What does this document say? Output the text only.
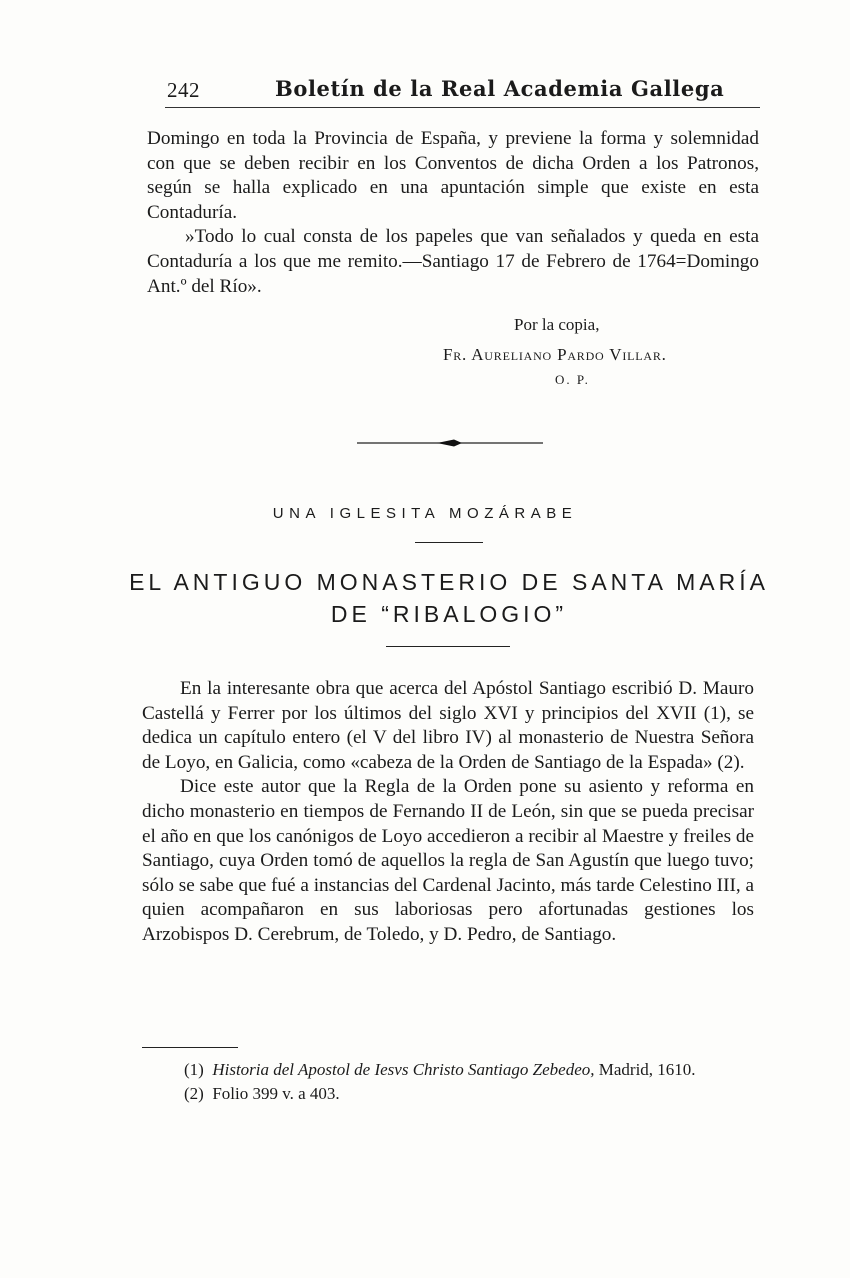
242	Boletín de la Real Academia Gallega

Domingo en toda la Provincia de España, y previene la forma y solemnidad con que se deben recibir en los Conventos de dicha Orden a los Patronos, según se halla explicado en una apuntación simple que existe en esta Contaduría.

»Todo lo cual consta de los papeles que van señalados y queda en esta Contaduría a los que me remito.—Santiago 17 de Febrero de 1764=Domingo Ant.º del Río».

Por la copia,
Fr. Aureliano Pardo Villar.
O. P.
UNA IGLESITA MOZÁRABE
EL ANTIGUO MONASTERIO DE SANTA MARÍA
DE “RIBALOGIO”

En la interesante obra que acerca del Apóstol Santiago escribió D. Mauro Castellá y Ferrer por los últimos del siglo XVI y principios del XVII (1), se dedica un capítulo entero (el V del libro IV) al monasterio de Nuestra Señora de Loyo, en Galicia, como «cabeza de la Orden de Santiago de la Espada» (2).

Dice este autor que la Regla de la Orden pone su asiento y reforma en dicho monasterio en tiempos de Fernando II de León, sin que se pueda precisar el año en que los canónigos de Loyo accedieron a recibir al Maestre y freiles de Santiago, cuya Orden tomó de aquellos la regla de San Agustín que luego tuvo; sólo se sabe que fué a instancias del Cardenal Jacinto, más tarde Celestino III, a quien acompañaron en sus laboriosas pero afortunadas gestiones los Arzobispos D. Cerebrum, de Toledo, y D. Pedro, de Santiago.

(1) Historia del Apostol de Iesvs Christo Santiago Zebedeo, Madrid, 1610.

(2) Folio 399 v. a 403.
